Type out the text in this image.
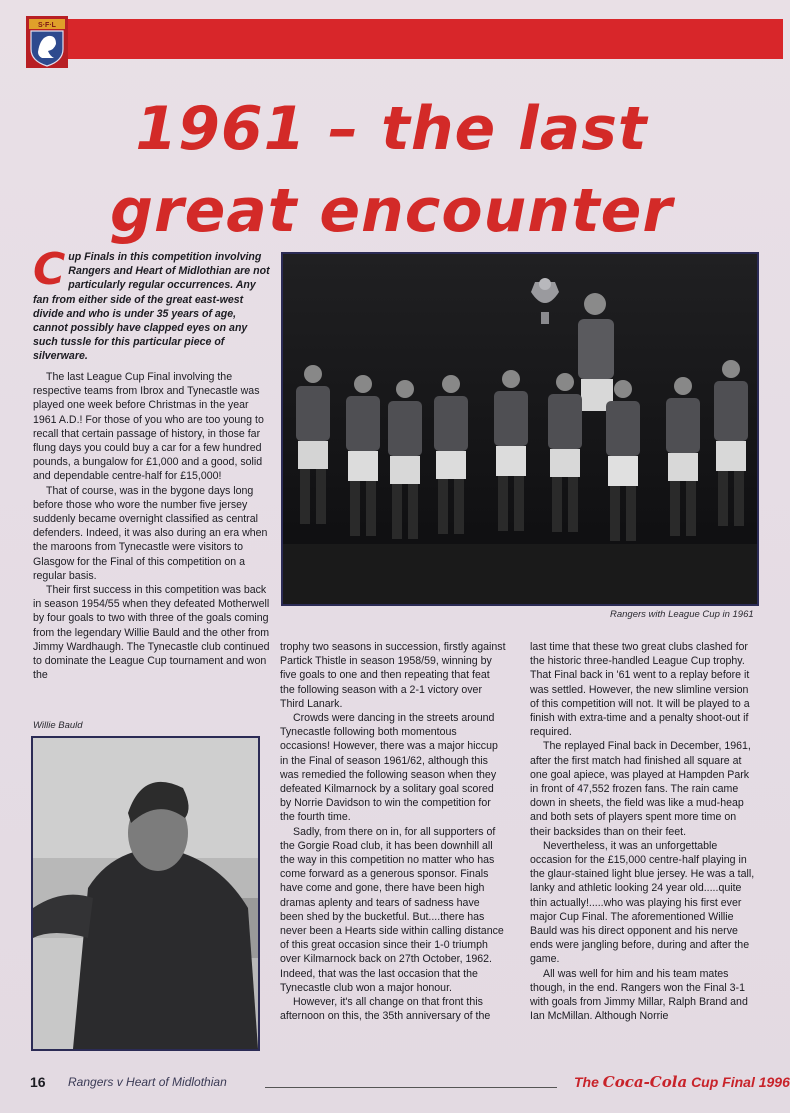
S·F·L
1961 – the last
great encounter
C up Finals in this competition involving Rangers and Heart of Midlothian are not particularly regular occurrences. Any fan from either side of the great east-west divide and who is under 35 years of age, cannot possibly have clapped eyes on any such tussle for this particular piece of silverware.

The last League Cup Final involving the respective teams from Ibrox and Tynecastle was played one week before Christmas in the year 1961 A.D.! For those of you who are too young to recall that certain passage of history, in those far flung days you could buy a car for a few hundred pounds, a bungalow for £1,000 and a good, solid and dependable centre-half for £15,000!

That of course, was in the bygone days long before those who wore the number five jersey suddenly became overnight classified as central defenders. Indeed, it was also during an era when the maroons from Tynecastle were visitors to Glasgow for the Final of this competition on a regular basis.

Their first success in this competition was back in season 1954/55 when they defeated Motherwell by four goals to two with three of the goals coming from the legendary Willie Bauld and the other from Jimmy Wardhaugh. The Tynecastle club continued to dominate the League Cup tournament and won the

Rangers with League Cup in 1961
Willie Bauld

trophy two seasons in succession, firstly against Partick Thistle in season 1958/59, winning by five goals to one and then repeating that feat the following season with a 2-1 victory over Third Lanark.

Crowds were dancing in the streets around Tynecastle following both momentous occasions! However, there was a major hiccup in the Final of season 1961/62, although this was remedied the following season when they defeated Kilmarnock by a solitary goal scored by Norrie Davidson to win the competition for the fourth time.

Sadly, from there on in, for all supporters of the Gorgie Road club, it has been downhill all the way in this competition no matter who has come forward as a generous sponsor. Finals have come and gone, there have been high dramas aplenty and tears of sadness have been shed by the bucketful. But....there has never been a Hearts side within calling distance of this great occasion since their 1-0 triumph over Kilmarnock back on 27th October, 1962. Indeed, that was the last occasion that the Tynecastle club won a major honour.

However, it's all change on that front this afternoon on this, the 35th anniversary of the

last time that these two great clubs clashed for the historic three-handled League Cup trophy. That Final back in '61 went to a replay before it was settled. However, the new slimline version of this competition will not. It will be played to a finish with extra-time and a penalty shoot-out if required.

The replayed Final back in December, 1961, after the first match had finished all square at one goal apiece, was played at Hampden Park in front of 47,552 frozen fans. The rain came down in sheets, the field was like a mud-heap and both sets of players spent more time on their backsides than on their feet.

Nevertheless, it was an unforgettable occasion for the £15,000 centre-half playing in the glaur-stained light blue jersey. He was a tall, lanky and athletic looking 24 year old.....quite thin actually!.....who was playing his first ever major Cup Final. The aforementioned Willie Bauld was his direct opponent and his nerve ends were jangling before, during and after the game.

All was well for him and his team mates though, in the end. Rangers won the Final 3-1 with goals from Jimmy Millar, Ralph Brand and Ian McMillan. Although Norrie

16 Rangers v Heart of Midlothian	The Coca-Cola Cup Final 1996
